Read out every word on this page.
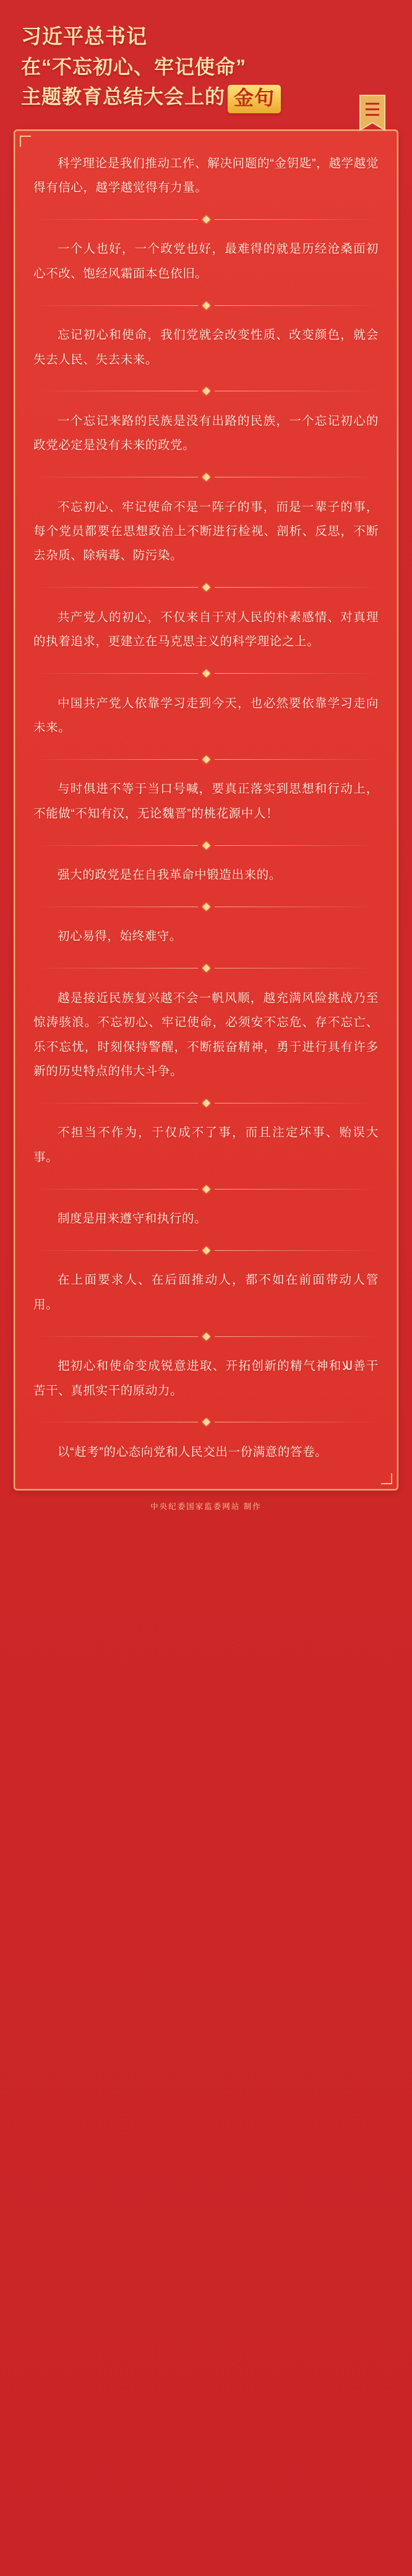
习近平总书记
在“不忘初心、牢记使命”
主题教育总结大会上的 金句

科学理论是我们推动工作、解决问题的“金钥匙”，越学越觉得有信心，越学越觉得有力量。

一个人也好，一个政党也好，最难得的就是历经沧桑面初心不改、饱经风霜面本色依旧。

忘记初心和使命，我们党就会改变性质、改变颜色，就会失去人民、失去未来。

一个忘记来路的民族是没有出路的民族，一个忘记初心的政党必定是没有未来的政党。

不忘初心、牢记使命不是一阵子的事，而是一辈子的事，每个党员都要在思想政治上不断进行检视、剖析、反思，不断去杂质、除病毒、防污染。

共产党人的初心，不仅来自于对人民的朴素感情、对真理的执着追求，更建立在马克思主义的科学理论之上。

中国共产党人依靠学习走到今天，也必然要依靠学习走向未来。

与时俱进不等于当口号喊，要真正落实到思想和行动上，不能做“不知有汉，无论魏晋”的桃花源中人！

强大的政党是在自我革命中锻造出来的。

初心易得，始终难守。

越是接近民族复兴越不会一帆风顺，越充满风险挑战乃至惊涛骇浪。不忘初心、牢记使命，必须安不忘危、存不忘亡、乐不忘忧，时刻保持警醒，不断振奋精神，勇于进行具有许多新的历史特点的伟大斗争。

不担当不作为，于仅成不了事，而且注定坏事、贻误大事。

制度是用来遵守和执行的。

在上面要求人、在后面推动人，都不如在前面带动人管用。

把初心和使命变成锐意进取、开拓创新的精气神和للا善干苦干、真抓实干的原动力。

以“赶考”的心态向党和人民交出一份满意的答卷。

中央纪委国家监委网站 制作
